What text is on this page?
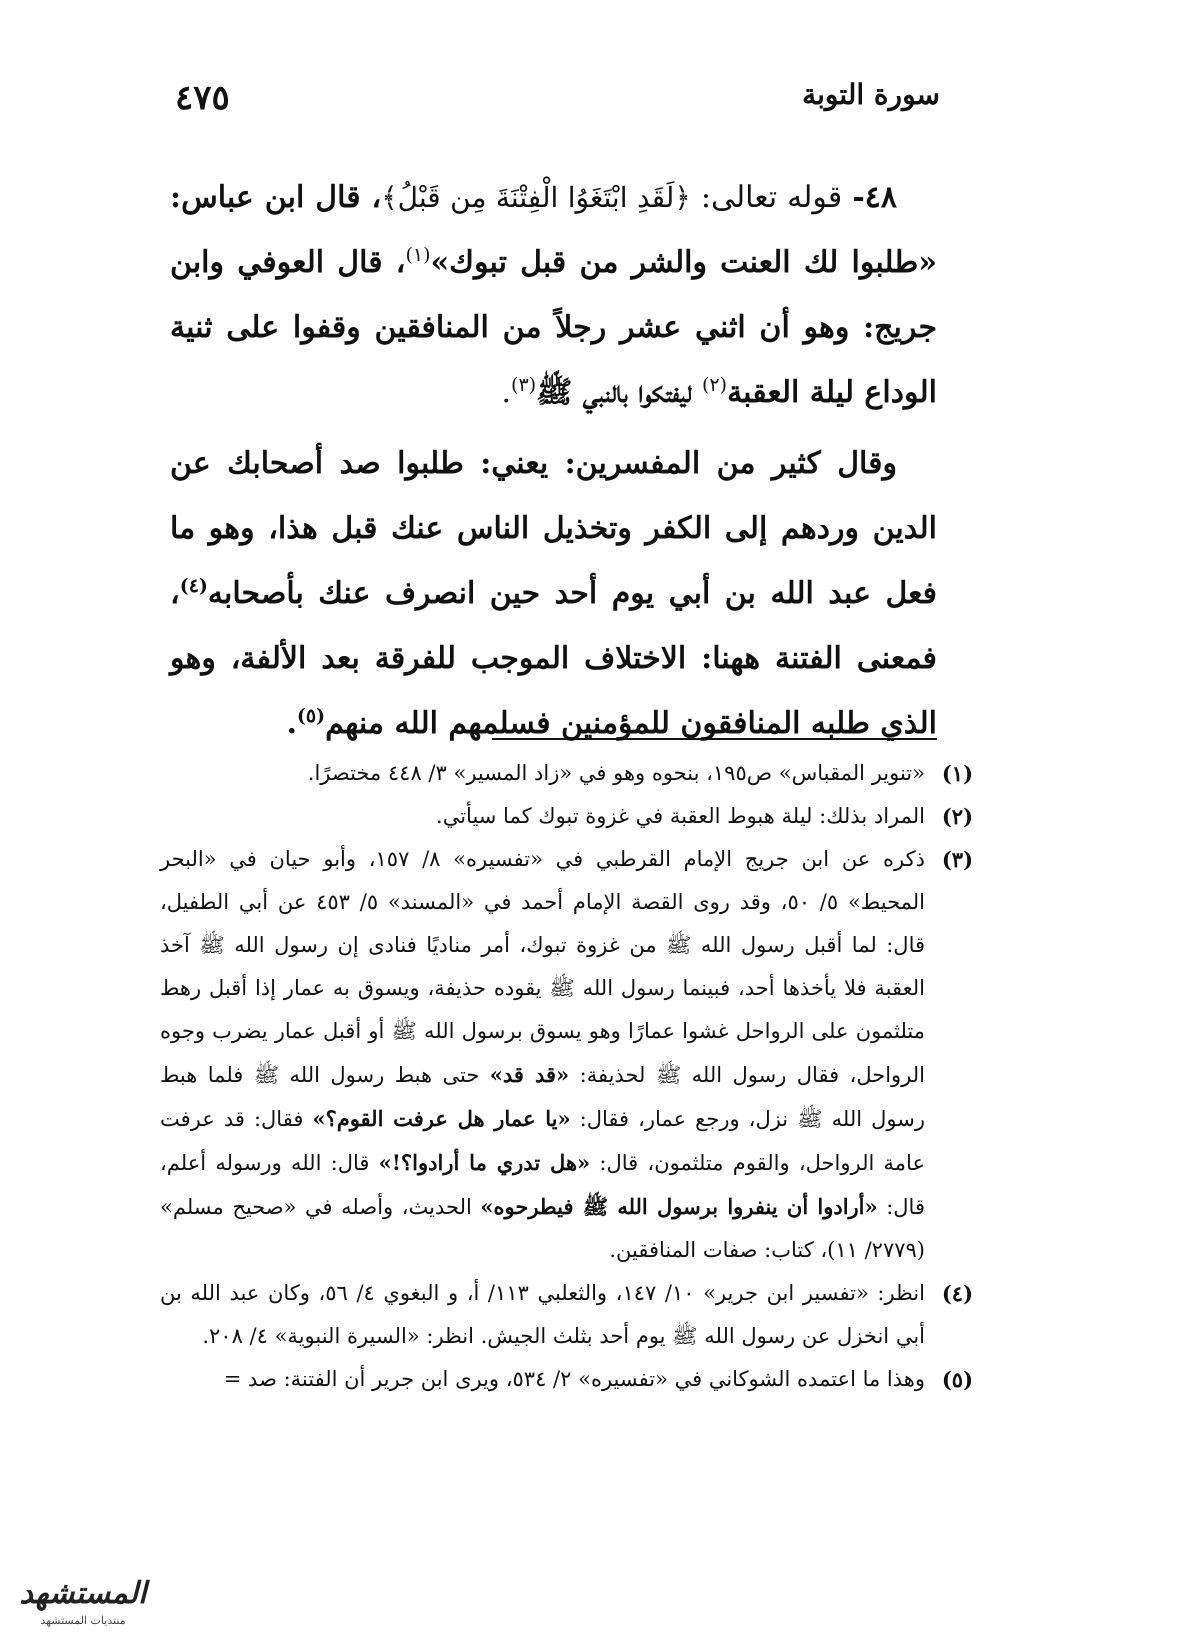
سورة التوبة
٤٧٥

٤٨- قوله تعالى: ﴿لَقَدِ ابْتَغَوُا الْفِتْنَةَ مِن قَبْلُ﴾، قال ابن عباس: «طلبوا لك العنت والشر من قبل تبوك»$^{(١)}$، قال العوفي وابن جريج: وهو أن اثني عشر رجلاً من المنافقين وقفوا على ثنية الوداع ليلة العقبة$^{(٢)}$ ليفتكوا بالنبي ﷺ$^{(٣)}$.

وقال كثير من المفسرين: يعني: طلبوا صد أصحابك عن الدين وردهم إلى الكفر وتخذيل الناس عنك قبل هذا، وهو ما فعل عبد الله بن أبي يوم أحد حين انصرف عنك بأصحابه$^{(٤)}$، فمعنى الفتنة ههنا: الاختلاف الموجب للفرقة بعد الألفة، وهو الذي طلبه المنافقون للمؤمنين فسلمهم الله منهم$^{(٥)}$.

(١)
«تنوير المقباس» ص١٩٥، بنحوه وهو في «زاد المسير» ٣/ ٤٤٨ مختصرًا.
(٢)
المراد بذلك: ليلة هبوط العقبة في غزوة تبوك كما سيأتي.
(٣)
ذكره عن ابن جريج الإمام القرطبي في «تفسيره» ٨/ ١٥٧، وأبو حيان في «البحر المحيط» ٥/ ٥٠، وقد روى القصة الإمام أحمد في «المسند» ٥/ ٤٥٣ عن أبي الطفيل، قال: لما أقبل رسول الله ﷺ من غزوة تبوك، أمر مناديًا فنادى إن رسول الله ﷺ آخذ العقبة فلا يأخذها أحد، فبينما رسول الله ﷺ يقوده حذيفة، ويسوق به عمار إذا أقبل رهط متلثمون على الرواحل غشوا عمارًا وهو يسوق برسول الله ﷺ أو أقبل عمار يضرب وجوه الرواحل، فقال رسول الله ﷺ لحذيفة: «قد قد» حتى هبط رسول الله ﷺ فلما هبط رسول الله ﷺ نزل، ورجع عمار، فقال: «يا عمار هل عرفت القوم؟» فقال: قد عرفت عامة الرواحل، والقوم متلثمون، قال: «هل تدري ما أرادوا؟!» قال: الله ورسوله أعلم، قال: «أرادوا أن ينفروا برسول الله ﷺ فيطرحوه» الحديث، وأصله في «صحيح مسلم» (٢٧٧٩/ ١١)، كتاب: صفات المنافقين.
(٤)
انظر: «تفسير ابن جرير» ١٠/ ١٤٧، والثعلبي ١١٣/ أ، و البغوي ٤/ ٥٦، وكان عبد الله بن أبي انخزل عن رسول الله ﷺ يوم أحد بثلث الجيش. انظر: «السيرة النبوية» ٤/ ٢٠٨.
(٥)
وهذا ما اعتمده الشوكاني في «تفسيره» ٢/ ٥٣٤، ويرى ابن جرير أن الفتنة: صد =
المستشهد
منتديات المستشهد
